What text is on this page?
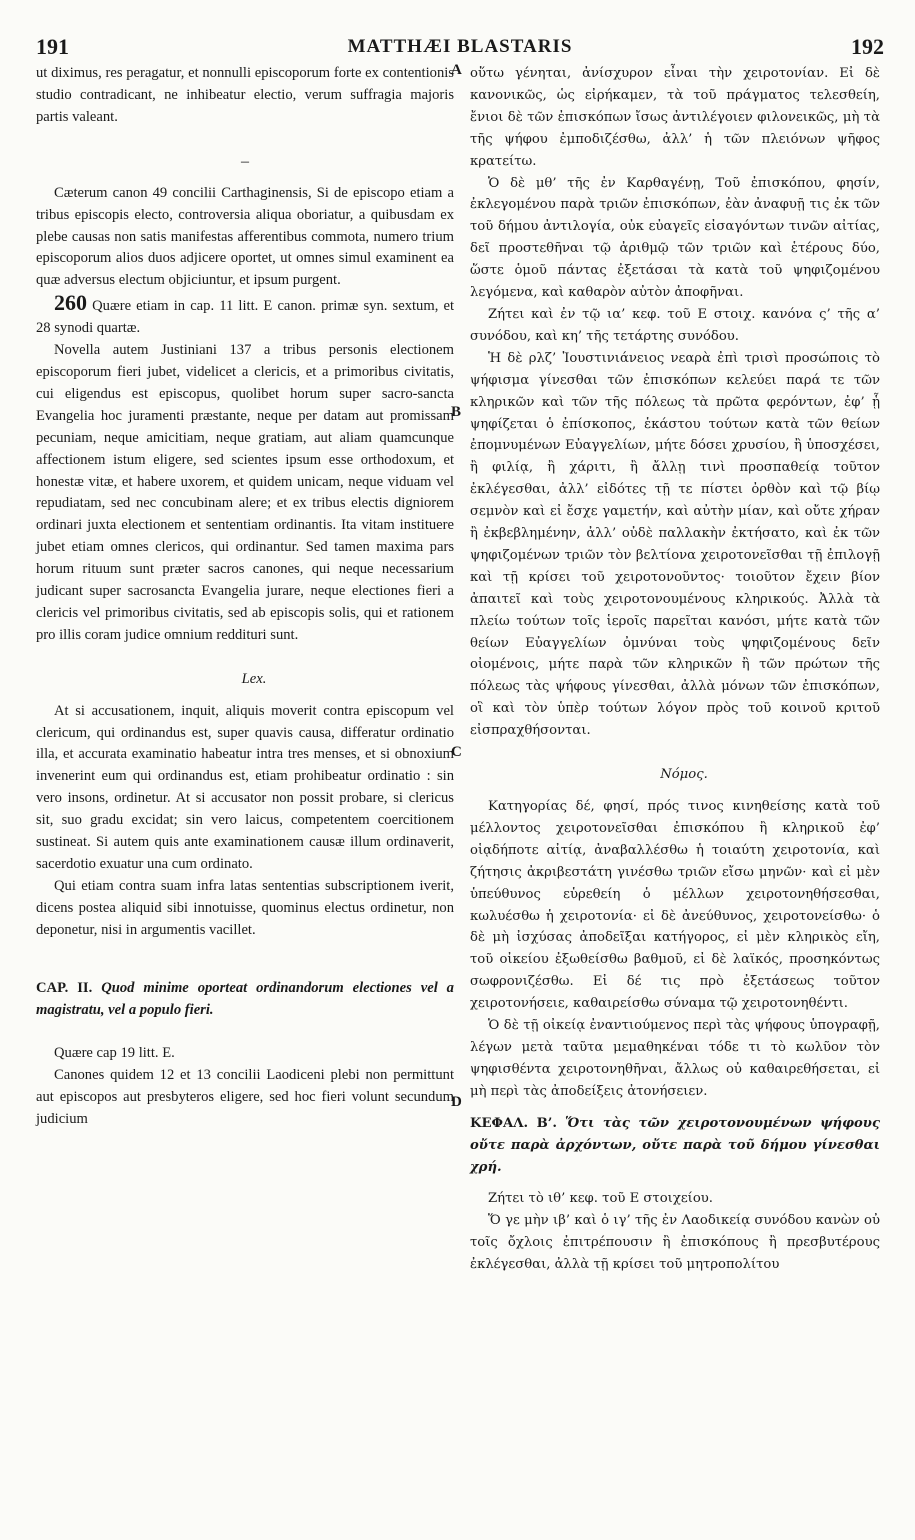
191	MATTHÆI BLASTARIS	192
A
B
C
D

ut diximus, res peragatur, et nonnulli episcoporum forte ex contentionis studio contradicant, ne inhibeatur electio, verum suffragia majoris partis valeant.

‒

Cæterum canon 49 concilii Carthaginensis, Si de episcopo etiam a tribus episcopis electo, controversia aliqua oboriatur, a quibusdam ex plebe causas non satis manifestas afferentibus commota, numero trium episcoporum alios duos adjicere oportet, ut omnes simul examinent ea quæ adversus electum objiciuntur, et ipsum purgent.

260 Quære etiam in cap. 11 litt. E canon. primæ syn. sextum, et 28 synodi quartæ.

Novella autem Justiniani 137 a tribus personis electionem episcoporum fieri jubet, videlicet a clericis, et a primoribus civitatis, cui eligendus est episcopus, quolibet horum super sacro-sancta Evangelia hoc juramenti præstante, neque per datam aut promissam pecuniam, neque amicitiam, neque gratiam, aut aliam quamcunque affectionem istum eligere, sed scientes ipsum esse orthodoxum, et honestæ vitæ, et habere uxorem, et quidem unicam, neque viduam vel repudiatam, sed nec concubinam alere; et ex tribus electis digniorem ordinari juxta electionem et sententiam ordinantis. Ita vitam instituere jubet etiam omnes clericos, qui ordinantur. Sed tamen maxima pars horum rituum sunt præter sacros canones, qui neque necessarium judicant super sacrosancta Evangelia jurare, neque electiones fieri a clericis vel primoribus civitatis, sed ab episcopis solis, qui et rationem pro illis coram judice omnium reddituri sunt.

Lex.

At si accusationem, inquit, aliquis moverit contra episcopum vel clericum, qui ordinandus est, super quavis causa, differatur ordinatio illa, et accurata examinatio habeatur intra tres menses, et si obnoxium invenerint eum qui ordinandus est, etiam prohibeatur ordinatio : sin vero insons, ordinetur. At si accusator non possit probare, si clericus sit, suo gradu excidat; sin vero laicus, competentem coercitionem sustineat. Si autem quis ante examinationem causæ illum ordinaverit, sacerdotio exuatur una cum ordinato.

Qui etiam contra suam infra latas sententias subscriptionem iverit, dicens postea aliquid sibi innotuisse, quominus electus ordinetur, non deponetur, nisi in argumentis vacillet.

CAP. II. Quod minime oporteat ordinandorum electiones vel a magistratu, vel a populo fieri.

Quære cap 19 litt. E.

Canones quidem 12 et 13 concilii Laodiceni plebi non permittunt aut episcopos aut presbyteros eligere, sed hoc fieri volunt secundum judicium

οὕτω γένηται, ἀνίσχυρον εἶναι τὴν χειροτονίαν. Εἰ δὲ κανονικῶς, ὡς εἰρήκαμεν, τὰ τοῦ πράγματος τελεσθείη, ἔνιοι δὲ τῶν ἐπισκόπων ἴσως ἀντιλέγοιεν φιλονεικῶς, μὴ τὰ τῆς ψήφου ἐμποδιζέσθω, ἀλλ’ ἡ τῶν πλειόνων ψῆφος κρατείτω.

Ὁ δὲ μθ’ τῆς ἐν Καρθαγένῃ, Τοῦ ἐπισκόπου, φησίν, ἐκλεγομένου παρὰ τριῶν ἐπισκόπων, ἐὰν ἀναφυῇ τις ἐκ τῶν τοῦ δήμου ἀντιλογία, οὐκ εὐαγεῖς εἰσαγόντων τινῶν αἰτίας, δεῖ προστεθῆναι τῷ ἀριθμῷ τῶν τριῶν καὶ ἑτέρους δύο, ὥστε ὁμοῦ πάντας ἐξετάσαι τὰ κατὰ τοῦ ψηφιζομένου λεγόμενα, καὶ καθαρὸν αὐτὸν ἀποφῆναι.

Ζήτει καὶ ἐν τῷ ια’ κεφ. τοῦ Ε στοιχ. κανόνα ς’ τῆς α’ συνόδου, καὶ κη’ τῆς τετάρτης συνόδου.

Ἡ δὲ ρλζ’ Ἰουστινιάνειος νεαρὰ ἐπὶ τρισὶ προσώποις τὸ ψήφισμα γίνεσθαι τῶν ἐπισκόπων κελεύει παρά τε τῶν κληρικῶν καὶ τῶν τῆς πόλεως τὰ πρῶτα φερόντων, ἐφ’ ᾗ ψηφίζεται ὁ ἐπίσκοπος, ἑκάστου τούτων κατὰ τῶν θείων ἐπομνυμένων Εὐαγγελίων, μήτε δόσει χρυσίου, ἢ ὑποσχέσει, ἢ φιλίᾳ, ἢ χάριτι, ἢ ἄλλῃ τινὶ προσπαθείᾳ τοῦτον ἐκλέγεσθαι, ἀλλ’ εἰδότες τῇ τε πίστει ὀρθὸν καὶ τῷ βίῳ σεμνὸν καὶ εἰ ἔσχε γαμετήν, καὶ αὐτὴν μίαν, καὶ οὔτε χήραν ἢ ἐκβεβλημένην, ἀλλ’ οὐδὲ παλλακὴν ἐκτήσατο, καὶ ἐκ τῶν ψηφιζομένων τριῶν τὸν βελτίονα χειροτονεῖσθαι τῇ ἐπιλογῇ καὶ τῇ κρίσει τοῦ χειροτονοῦντος· τοιοῦτον ἔχειν βίον ἀπαιτεῖ καὶ τοὺς χειροτονουμένους κληρικούς. Ἀλλὰ τὰ πλείω τούτων τοῖς ἱεροῖς παρεῖται κανόσι, μήτε κατὰ τῶν θείων Εὐαγγελίων ὀμνύναι τοὺς ψηφιζομένους δεῖν οἰομένοις, μήτε παρὰ τῶν κληρικῶν ἢ τῶν πρώτων τῆς πόλεως τὰς ψήφους γίνεσθαι, ἀλλὰ μόνων τῶν ἐπισκόπων, οἳ καὶ τὸν ὑπὲρ τούτων λόγον πρὸς τοῦ κοινοῦ κριτοῦ εἰσπραχθήσονται.

Νόμος.

Κατηγορίας δέ, φησί, πρός τινος κινηθείσης κατὰ τοῦ μέλλοντος χειροτονεῖσθαι ἐπισκόπου ἢ κληρικοῦ ἐφ’ οἱᾳδήποτε αἰτίᾳ, ἀναβαλλέσθω ἡ τοιαύτη χειροτονία, καὶ ζήτησις ἀκριβεστάτη γινέσθω τριῶν εἴσω μηνῶν· καὶ εἰ μὲν ὑπεύθυνος εὑρεθείη ὁ μέλλων χειροτονηθήσεσθαι, κωλυέσθω ἡ χειροτονία· εἰ δὲ ἀνεύθυνος, χειροτονείσθω· ὁ δὲ μὴ ἰσχύσας ἀποδεῖξαι κατήγορος, εἰ μὲν κληρικὸς εἴη, τοῦ οἰκείου ἐξωθείσθω βαθμοῦ, εἰ δὲ λαϊκός, προσηκόντως σωφρονιζέσθω. Εἰ δέ τις πρὸ ἐξετάσεως τοῦτον χειροτονήσειε, καθαιρείσθω σύναμα τῷ χειροτονηθέντι.

Ὁ δὲ τῇ οἰκείᾳ ἐναντιούμενος περὶ τὰς ψήφους ὑπογραφῇ, λέγων μετὰ ταῦτα μεμαθηκέναι τόδε τι τὸ κωλῦον τὸν ψηφισθέντα χειροτονηθῆναι, ἄλλως οὐ καθαιρεθήσεται, εἰ μὴ περὶ τὰς ἀποδείξεις ἀτονήσειεν.

ΚΕΦΑΛ. Β’. Ὅτι τὰς τῶν χειροτονουμένων ψήφους οὔτε παρὰ ἀρχόντων, οὔτε παρὰ τοῦ δήμου γίνεσθαι χρή.

Ζήτει τὸ ιθ’ κεφ. τοῦ Ε στοιχείου.

Ὅ γε μὴν ιβ’ καὶ ὁ ιγ’ τῆς ἐν Λαοδικείᾳ συνόδου κανὼν οὐ τοῖς ὄχλοις ἐπιτρέπουσιν ἢ ἐπισκόπους ἢ πρεσβυτέρους ἐκλέγεσθαι, ἀλλὰ τῇ κρίσει τοῦ μητροπολίτου
